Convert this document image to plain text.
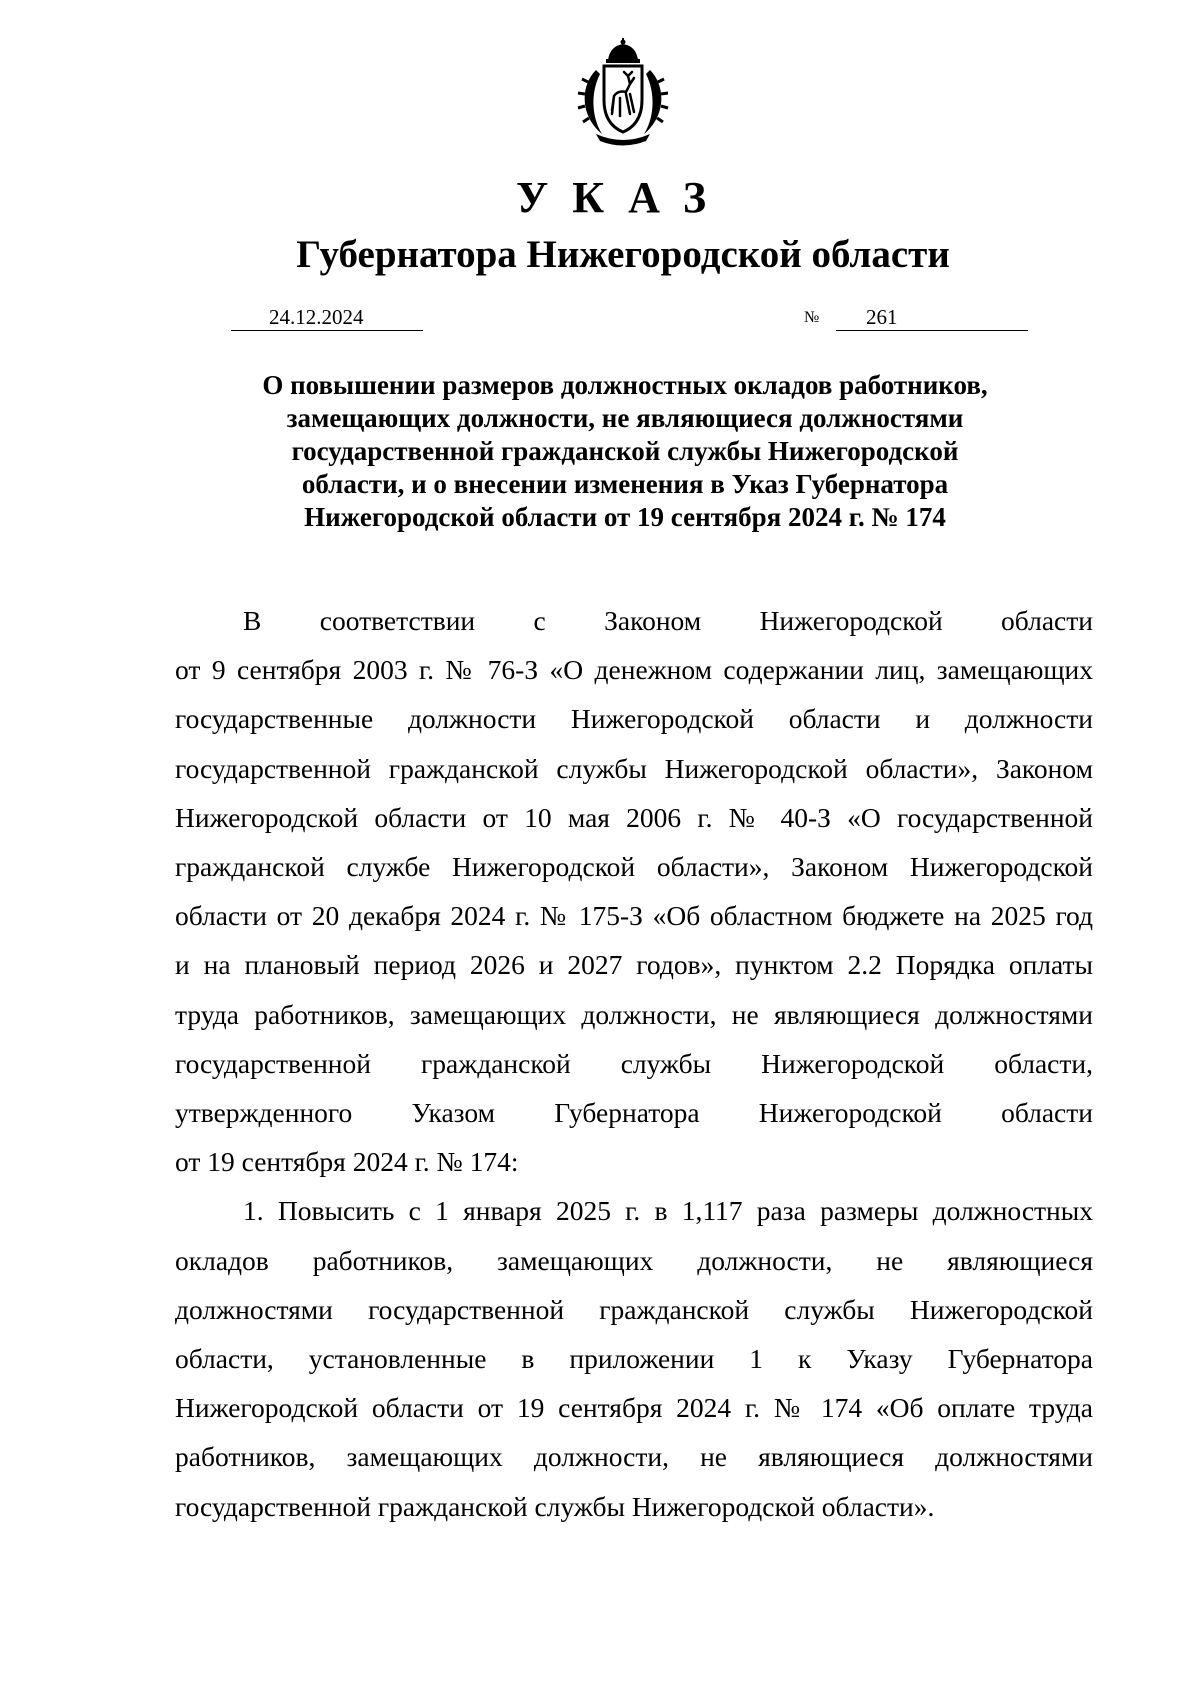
УКАЗ
Губернатора Нижегородской области
24.12.2024	№ 261
О повышении размеров должностных окладов работников,
замещающих должности, не являющиеся должностями
государственной гражданской службы Нижегородской
области, и о внесении изменения в Указ Губернатора
Нижегородской области от 19 сентября 2024 г. № 174
В соответствии с Законом Нижегородской области
от 9 сентября 2003 г. № 76-З «О денежном содержании лиц, замещающих
государственные должности Нижегородской области и должности
государственной гражданской службы Нижегородской области», Законом
Нижегородской области от 10 мая 2006 г. № 40-З «О государственной
гражданской службе Нижегородской области», Законом Нижегородской
области от 20 декабря 2024 г. № 175-З «Об областном бюджете на 2025 год
и на плановый период 2026 и 2027 годов», пунктом 2.2 Порядка оплаты
труда работников, замещающих должности, не являющиеся должностями
государственной гражданской службы Нижегородской области,
утвержденного Указом Губернатора Нижегородской области
от 19 сентября 2024 г. № 174:
1. Повысить с 1 января 2025 г. в 1,117 раза размеры должностных
окладов работников, замещающих должности, не являющиеся
должностями государственной гражданской службы Нижегородской
области, установленные в приложении 1 к Указу Губернатора
Нижегородской области от 19 сентября 2024 г. № 174 «Об оплате труда
работников, замещающих должности, не являющиеся должностями
государственной гражданской службы Нижегородской области».
